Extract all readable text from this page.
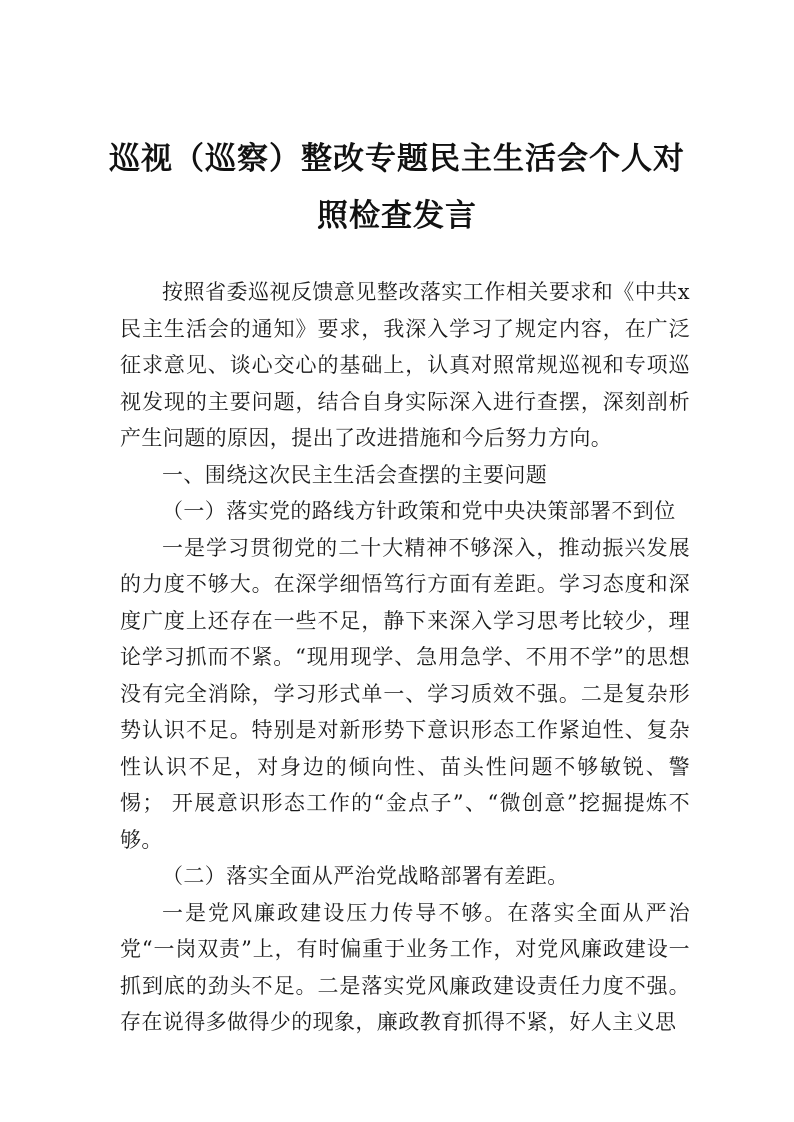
巡视（巡察）整改专题民主生活会个人对
照检查发言

按照省委巡视反馈意见整改落实工作相关要求和《中共x 民主生活会的通知》要求，我深入学习了规定内容，在广泛征求意见、谈心交心的基础上，认真对照常规巡视和专项巡视发现的主要问题，结合自身实际深入进行查摆，深刻剖析产生问题的原因，提出了改进措施和今后努力方向。

一、围绕这次民主生活会查摆的主要问题

（一）落实党的路线方针政策和党中央决策部署不到位

一是学习贯彻党的二十大精神不够深入，推动振兴发展的力度不够大。在深学细悟笃行方面有差距。学习态度和深度广度上还存在一些不足，静下来深入学习思考比较少，理论学习抓而不紧。“现用现学、急用急学、不用不学”的思想没有完全消除，学习形式单一、学习质效不强。二是复杂形势认识不足。特别是对新形势下意识形态工作紧迫性、复杂性认识不足，对身边的倾向性、苗头性问题不够敏锐、警惕； 开展意识形态工作的“金点子”、“微创意”挖掘提炼不够。

（二）落实全面从严治党战略部署有差距。

一是党风廉政建设压力传导不够。在落实全面从严治党“一岗双责”上，有时偏重于业务工作，对党风廉政建设一抓到底的劲头不足。二是落实党风廉政建设责任力度不强。 存在说得多做得少的现象，廉政教育抓得不紧，好人主义思
